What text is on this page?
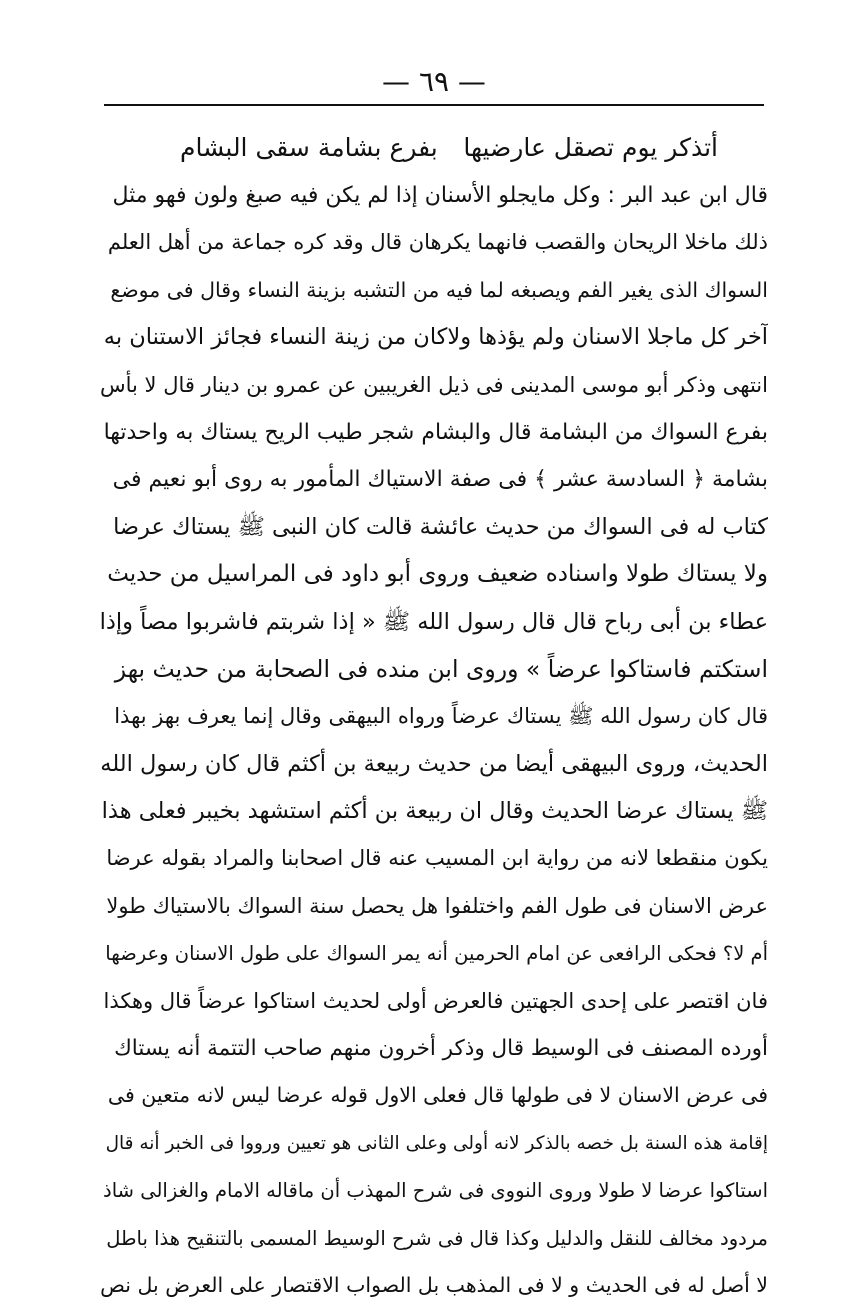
— ٦٩ —
أتذكر يوم تصقل عارضيها
بفرع بشامة سقى البشام
قال ابن عبد البر : وكل مايجلو الأسنان إذا لم يكن فيه صبغ ولون فهو مثل
ذلك ماخلا الريحان والقصب فانهما يكرهان قال وقد كره جماعة من أهل العلم
السواك الذى يغير الفم ويصبغه لما فيه من التشبه بزينة النساء وقال فى موضع
آخر كل ماجلا الاسنان ولم يؤذها ولاكان من زينة النساء فجائز الاستنان به
انتهى وذكر أبو موسى المدينى فى ذيل الغريبين عن عمرو بن دينار قال لا بأس
بفرع السواك من البشامة قال والبشام شجر طيب الريح يستاك به واحدتها
بشامة ﴿ السادسة عشر ﴾ فى صفة الاستياك المأمور به روى أبو نعيم فى
كتاب له فى السواك من حديث عائشة قالت كان النبى ﷺ يستاك عرضا
ولا يستاك طولا واسناده ضعيف وروى أبو داود فى المراسيل من حديث
عطاء بن أبى رباح قال قال رسول الله ﷺ « إذا شربتم فاشربوا مصاً وإذا
استكتم فاستاكوا عرضاً » وروى ابن منده فى الصحابة من حديث بهز
قال كان رسول الله ﷺ يستاك عرضاً ورواه البيهقى وقال إنما يعرف بهز بهذا
الحديث، وروى البيهقى أيضا من حديث ربيعة بن أكثم قال كان رسول الله
ﷺ يستاك عرضا الحديث وقال ان ربيعة بن أكثم استشهد بخيبر فعلى هذا
يكون منقطعا لانه من رواية ابن المسيب عنه قال اصحابنا والمراد بقوله عرضا
عرض الاسنان فى طول الفم واختلفوا هل يحصل سنة السواك بالاستياك طولا
أم لا؟ فحكى الرافعى عن امام الحرمين أنه يمر السواك على طول الاسنان وعرضها
فان اقتصر على إحدى الجهتين فالعرض أولى لحديث استاكوا عرضاً قال وهكذا
أورده المصنف فى الوسيط قال وذكر أخرون منهم صاحب التتمة أنه يستاك
فى عرض الاسنان لا فى طولها قال فعلى الاول قوله عرضا ليس لانه متعين فى
إقامة هذه السنة بل خصه بالذكر لانه أولى وعلى الثانى هو تعيين ورووا فى الخبر أنه قال
استاكوا عرضا لا طولا وروى النووى فى شرح المهذب أن ماقاله الامام والغزالى شاذ
مردود مخالف للنقل والدليل وكذا قال فى شرح الوسيط المسمى بالتنقيح هذا باطل
لا أصل له فى الحديث و لا فى المذهب بل الصواب الاقتصار على العرض بل نص
